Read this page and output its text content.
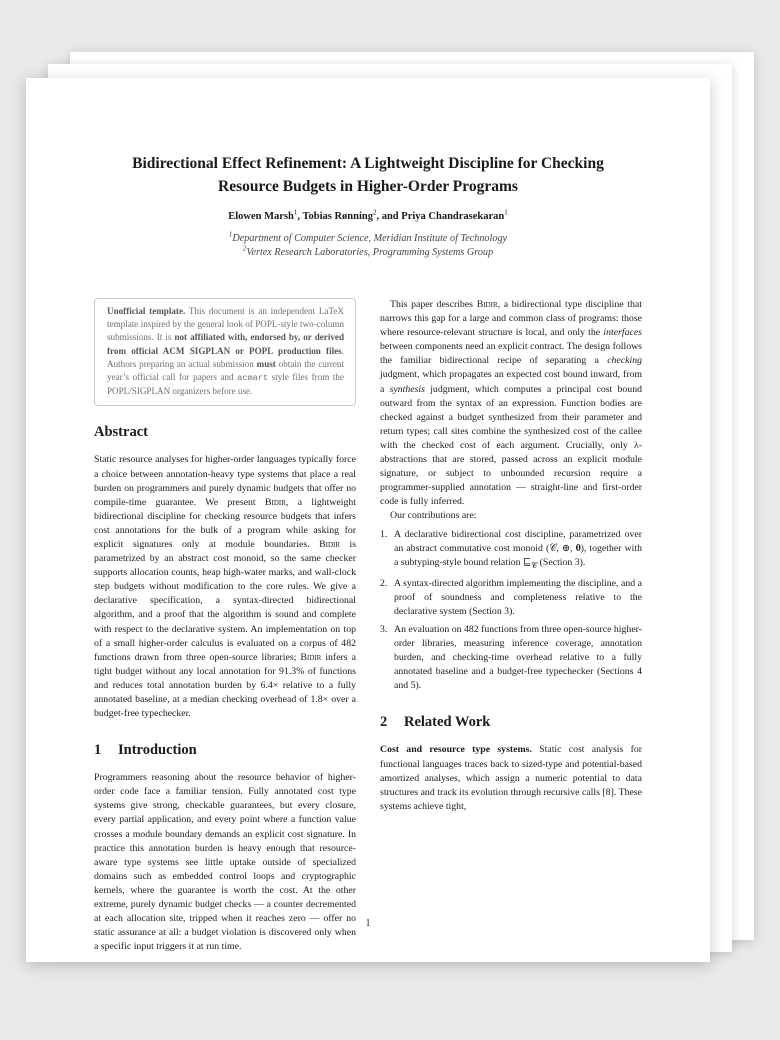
Bidirectional Effect Refinement: A Lightweight Discipline for Checking
Resource Budgets in Higher-Order Programs
Elowen Marsh$^1$, Tobias Rønning$^2$, and Priya Chandrasekaran$^1$
$^1$Department of Computer Science, Meridian Institute of Technology
$^2$Vertex Research Laboratories, Programming Systems Group
Unofficial template. This document is an independent LaTeX template inspired by the general look of POPL-style two-column submissions. It is not affiliated with, endorsed by, or derived from official ACM SIGPLAN or POPL production files. Authors preparing an actual submission must obtain the current year’s official call for papers and acmart style files from the POPL/SIGPLAN organizers before use.
Abstract

Static resource analyses for higher-order languages typically force a choice between annotation-heavy type systems that place a real burden on programmers and purely dynamic budgets that offer no compile-time guarantee. We present Bidir, a lightweight bidirectional discipline for checking resource budgets that infers cost annotations for the bulk of a program while asking for explicit signatures only at module boundaries. Bidir is parametrized by an abstract cost monoid, so the same checker supports allocation counts, heap high-water marks, and wall-clock step budgets without modification to the core rules. We give a declarative specification, a syntax-directed bidirectional algorithm, and a proof that the algorithm is sound and complete with respect to the declarative system. An implementation on top of a small higher-order calculus is evaluated on a corpus of 482 functions drawn from three open-source libraries; Bidir infers a tight budget without any local annotation for 91.3% of functions and reduces total annotation burden by 6.4× relative to a fully annotated baseline, at a median checking overhead of 1.8× over a budget-free typechecker.

1 Introduction

Programmers reasoning about the resource behavior of higher-order code face a familiar tension. Fully annotated cost type systems give strong, checkable guarantees, but every closure, every partial application, and every point where a function value crosses a module boundary demands an explicit cost signature. In practice this annotation burden is heavy enough that resource-aware type systems see little uptake outside of specialized domains such as embedded control loops and cryptographic kernels, where the guarantee is worth the cost. At the other extreme, purely dynamic budget checks — a counter decremented at each allocation site, tripped when it reaches zero — offer no static assurance at all: a budget violation is discovered only when a specific input triggers it at run time.

This paper describes Bidir, a bidirectional type discipline that narrows this gap for a large and common class of programs: those where resource-relevant structure is local, and only the interfaces between components need an explicit contract. The design follows the familiar bidirectional recipe of separating a checking judgment, which propagates an expected cost bound inward, from a synthesis judgment, which computes a principal cost bound outward from the syntax of an expression. Function bodies are checked against a budget synthesized from their parameter and return types; call sites combine the synthesized cost of the callee with the checked cost of each argument. Crucially, only λ-abstractions that are stored, passed across an explicit module signature, or subject to unbounded recursion require a programmer-supplied annotation — straight-line and first-order code is fully inferred.

Our contributions are:

1. A declarative bidirectional cost discipline, parametrized over an abstract commutative cost monoid (𝒞, ⊕, 𝟎), together with a subtyping-style bound relation $⊑_𝒞$ (Section 3).
2. A syntax-directed algorithm implementing the discipline, and a proof of soundness and completeness relative to the declarative system (Section 3).
3. An evaluation on 482 functions from three open-source higher-order libraries, measuring inference coverage, annotation burden, and checking-time overhead relative to a fully annotated baseline and a budget-free typechecker (Sections 4 and 5).
2 Related Work

Cost and resource type systems. Static cost analysis for functional languages traces back to sized-type and potential-based amortized analyses, which assign a numeric potential to data structures and track its evolution through recursive calls [8]. These systems achieve tight,

1
